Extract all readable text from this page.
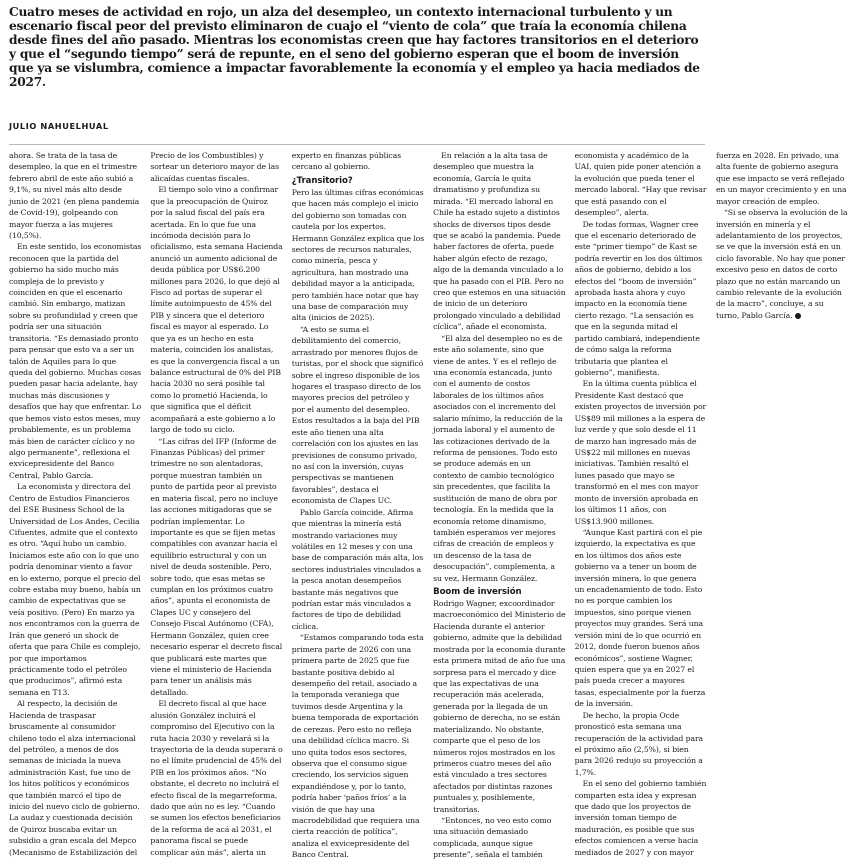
Cuatro meses de actividad en rojo, un alza del desempleo, un contexto internacional turbulento y un escenario fiscal peor del previsto eliminaron de cuajo el “viento de cola” que traía la economía chilena desde fines del año pasado. Mientras los economistas creen que hay factores transitorios en el deterioro y que el “segundo tiempo” será de repunte, en el seno del gobierno esperan que el boom de inversión que ya se vislumbra, comience a impactar favorablemente la economía y el empleo ya hacia mediados de 2027.

JULIO NAHUELHUAL

ahora. Se trata de la tasa de desempleo, la que en el trimestre febrero abril de este año subió a 9,1%, su nivel más alto desde junio de 2021 (en plena pandemia de Covid-19), golpeando con mayor fuerza a las mujeres (10,5%).

En este sentido, los economistas reconocen que la partida del gobierno ha sido mucho más compleja de lo previsto y coinciden en que el escenario cambió. Sin embargo, matizan sobre su profundidad y creen que podría ser una situación transitoria. “Es demasiado pronto para pensar que esto va a ser un talón de Aquiles para lo que queda del gobierno. Muchas cosas pueden pasar hacia adelante, hay muchas más discusiones y desafíos que hay que enfrentar. Lo que hemos visto estos meses, muy probablemente, es un problema más bien de carácter cíclico y no algo permanente”, reflexiona el exvicepresidente del Banco Central, Pablo García.

La economista y directora del Centro de Estudios Financieros del ESE Business School de la Universidad de Los Andes, Cecilia Cifuentes, admite que el contexto es otro. “Aquí hubo un cambio. Iniciamos este año con lo que uno podría denominar viento a favor en lo externo, porque el precio del cobre estaba muy bueno, había un cambio de expectativas que se veía positivo. (Pero) En marzo ya nos encontramos con la guerra de Irán que generó un shock de oferta que para Chile es complejo, por que importamos prácticamente todo el petróleo que producimos”, afirmó esta semana en T13.

Al respecto, la decisión de Hacienda de traspasar bruscamente al consumidor chileno todo el alza internacional del petróleo, a menos de dos semanas de iniciada la nueva administración Kast, fue uno de los hitos políticos y económicos que también marcó el tipo de inicio del nuevo ciclo de gobierno. La audaz y cuestionada decisión de Quiroz buscaba evitar un subsidio a gran escala del Mepco (Mecanismo de Estabilización del Precio de los Combustibles) y sortear un deterioro mayor de las alicaídas cuentas fiscales.

El tiempo solo vino a confirmar que la preocupación de Quiroz por la salud fiscal del país era acertada. En lo que fue una incómoda decisión para lo oficialismo, esta semana Hacienda anunció un aumento adicional de deuda pública por US$6.200 millones para 2026, lo que dejó al Fisco ad portas de superar el límite autoimpuesto de 45% del PIB y sincera que el deterioro fiscal es mayor al esperado. Lo que ya es un hecho en esta materia, coinciden los analistas, es que la convergencia fiscal a un balance estructural de 0% del PIB hacia 2030 no será posible tal como lo prometió Hacienda, lo que significa que el déficit acompañará a este gobierno a lo largo de todo su ciclo.

“Las cifras del IFP (Informe de Finanzas Públicas) del primer trimestre no son alentadoras, porque muestran también un punto de partida peor al previsto en materia fiscal, pero no incluye las acciones mitigadoras que se podrían implementar. Lo importante es que se fijen metas compatibles con avanzar hacia el equilibrio estructural y con un nivel de deuda sostenible. Pero, sobre todo, que esas metas se cumplan en los próximos cuatro años”, apunta el economista de Clapes UC y consejero del Consejo Fiscal Autónomo (CFA), Hermann González, quien cree necesario esperar el decreto fiscal que publicará este martes que viene el ministerio de Hacienda para tener un análisis más detallado.

El decreto fiscal al que hace alusión González incluirá el compromiso del Ejecutivo con la ruta hacia 2030 y revelará si la trayectoria de la deuda superará o no el límite prudencial de 45% del PIB en los próximos años. “No obstante, el decreto no incluirá el efecto fiscal de la megarreforma, dado que aún no es ley. “Cuando se sumen los efectos beneficiarios de la reforma de acá al 2031, el panorama fiscal se puede complicar aún más”, alerta un experto en finanzas públicas cercano al gobierno.

¿Transitorio?

Pero las últimas cifras económicas que hacen más complejo el inicio del gobierno son tomadas con cautela por los expertos. Hermann González explica que los sectores de recursos naturales, como minería, pesca y agricultura, han mostrado una debilidad mayor a la anticipada, pero también hace notar que hay una base de comparación muy alta (inicios de 2025).

“A esto se suma el debilitamiento del comercio, arrastrado por menores flujos de turistas, por el shock que significó sobre el ingreso disponible de los hogares el traspaso directo de los mayores precios del petróleo y por el aumento del desempleo. Estos resultados a la baja del PIB este año tienen una alta correlación con los ajustes en las previsiones de consumo privado, no así con la inversión, cuyas perspectivas se mantienen favorables”, destaca el economista de Clapes UC.

Pablo García coincide. Afirma que mientras la minería está mostrando variaciones muy volátiles en 12 meses y con una base de comparación más alta, los sectores industriales vinculados a la pesca anotan desempeños bastante más negativos que podrían estar más vinculados a factores de tipo de debilidad cíclica.

“Estamos comparando toda esta primera parte de 2026 con una primera parte de 2025 que fue bastante positiva debido al desempeño del retail, asociado a la temporada veraniega que tuvimos desde Argentina y la buena temporada de exportación de cerezas. Pero esto no refleja una debilidad cíclica macro. Si uno quita todos esos sectores, observa que el consumo sigue creciendo, los servicios siguen expandiéndose y, por lo tanto, podría haber ‘paños fríos’ a la visión de que hay una macrodebilidad que requiera una cierta reacción de política”, analiza el exvicepresidente del Banco Central.

En relación a la alta tasa de desempleo que muestra la economía, García le quita dramatismo y profundiza su mirada. “El mercado laboral en Chile ha estado sujeto a distintos shocks de diversos tipos desde que se acabó la pandemia. Puede haber factores de oferta, puede haber algún efecto de rezago, algo de la demanda vinculado a lo que ha pasado con el PIB. Pero no creo que estemos en una situación de inicio de un deterioro prolongado vinculado a debilidad cíclica”, añade el economista.

“El alza del desempleo no es de este año solamente, sino que viene de antes. Y es el reflejo de una economía estancada, junto con el aumento de costos laborales de los últimos años asociados con el incremento del salario mínimo, la reducción de la jornada laboral y el aumento de las cotizaciones derivado de la reforma de pensiones. Todo esto se produce además en un contexto de cambio tecnológico sin precedentes, que facilita la sustitución de mano de obra por tecnología. En la medida que la economía retome dinamismo, también esperamos ver mejores cifras de creación de empleos y un descenso de la tasa de desocupación”, complementa, a su vez, Hermann González.

Boom de inversión

Rodrigo Wagner, excoordinador macroeconómico del Ministerio de Hacienda durante el anterior gobierno, admite que la debilidad mostrada por la economía durante esta primera mitad de año fue una sorpresa para el mercado y dice que las expectativas de una recuperación más acelerada, generada por la llegada de un gobierno de derecha, no se están materializando. No obstante, comparte que el peso de los números rojos mostrados en los primeros cuatro meses del año está vinculado a tres sectores afectados por distintas razones puntuales y, posiblemente, transitorias.

“Entonces, no veo esto como una situación demasiado complicada, aunque sigue presente”, señala el también economista y académico de la UAI, quien pide poner atención a la evolución que pueda tener el mercado laboral. “Hay que revisar que está pasando con el desempleo”, alerta.

De todas formas, Wagner cree que el escenario deteriorado de este “primer tiempo” de Kast se podría revertir en los dos últimos años de gobierno, debido a los efectos del “boom de inversión” aprobada hasta ahora y cuyo impacto en la economía tiene cierto rezago. “La sensación es que en la segunda mitad el partido cambiará, independiente de cómo salga la reforma tributaria que plantea el gobierno”, manifiesta.

En la última cuenta pública el Presidente Kast destacó que existen proyectos de inversión por US$89 mil millones a la espera de luz verde y que solo desde el 11 de marzo han ingresado más de US$22 mil millones en nuevas iniciativas. También resaltó el lunes pasado que mayo se transformó en el mes con mayor monto de inversión aprobada en los últimos 11 años, con US$13.900 millones.

“Aunque Kast partirá con el pie izquierdo, la expectativa es que en los últimos dos años este gobierno va a tener un boom de inversión minera, lo que genera un encadenamiento de todo. Esto no es porque cambien los impuestos, sino porque vienen proyectos muy grandes. Será una versión mini de lo que ocurrió en 2012, donde fueron buenos años económicos”, sostiene Wagner, quien espera que ya en 2027 el país pueda crecer a mayores tasas, especialmente por la fuerza de la inversión.

De hecho, la propia Ocde pronosticó esta semana una recuperación de la actividad para el próximo año (2,5%), si bien para 2026 redujo su proyección a 1,7%.

En el seno del gobierno también comparten esta idea y expresan que dado que los proyectos de inversión toman tiempo de maduración, es posible que sus efectos comiencen a verse hacia mediados de 2027 y con mayor fuerza en 2028. En privado, una alta fuente de gobierno asegura que ese impacto se verá reflejado en un mayor crecimiento y en una mayor creación de empleo.

“Si se observa la evolución de la inversión en minería y el adelantamiento de los proyectos, se ve que la inversión está en un ciclo favorable. No hay que poner excesivo peso en datos de corto plazo que no están marcando un cambio relevante de la evolución de la macro”, concluye, a su turno, Pablo García.
